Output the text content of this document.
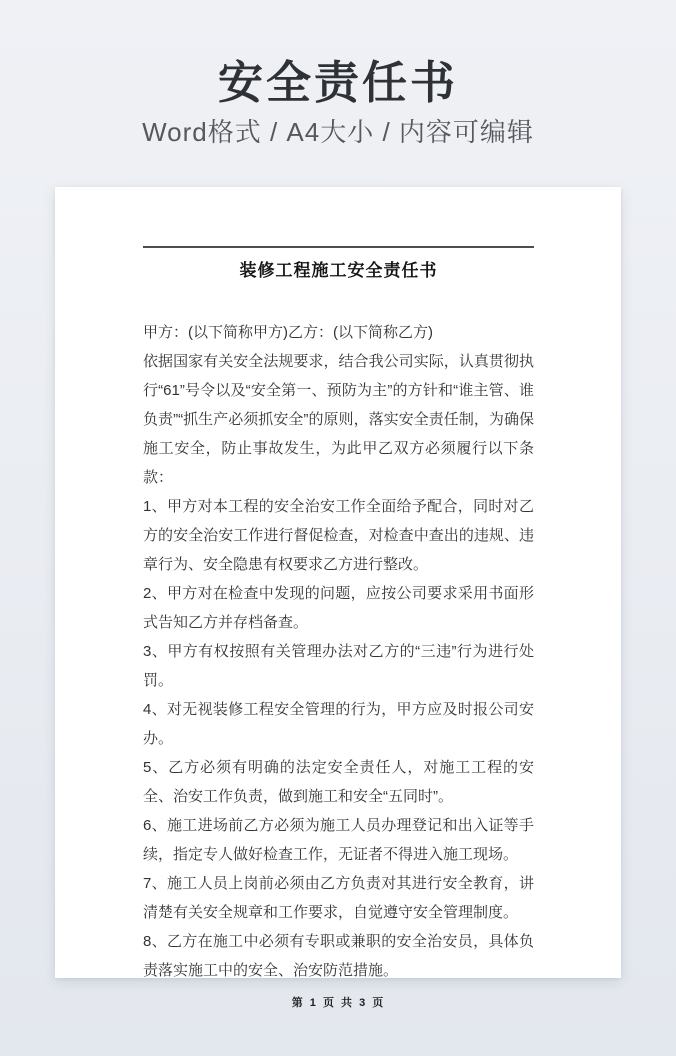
安全责任书

Word格式 / A4大小 / 内容可编辑

装修工程施工安全责任书

甲方：(以下简称甲方)乙方：(以下简称乙方)

依据国家有关安全法规要求，结合我公司实际，认真贯彻执行“61”号令以及“安全第一、预防为主”的方针和“谁主管、谁负责”“抓生产必须抓安全”的原则，落实安全责任制，为确保施工安全，防止事故发生，为此甲乙双方必须履行以下条款：

1、甲方对本工程的安全治安工作全面给予配合，同时对乙方的安全治安工作进行督促检查，对检查中查出的违规、违章行为、安全隐患有权要求乙方进行整改。

2、甲方对在检查中发现的问题，应按公司要求采用书面形式告知乙方并存档备查。

3、甲方有权按照有关管理办法对乙方的“三违”行为进行处罚。

4、对无视装修工程安全管理的行为，甲方应及时报公司安办。

5、乙方必须有明确的法定安全责任人，对施工工程的安全、治安工作负责，做到施工和安全“五同时”。

6、施工进场前乙方必须为施工人员办理登记和出入证等手续，指定专人做好检查工作，无证者不得进入施工现场。

7、施工人员上岗前必须由乙方负责对其进行安全教育，讲清楚有关安全规章和工作要求，自觉遵守安全管理制度。

8、乙方在施工中必须有专职或兼职的安全治安员，具体负责落实施工中的安全、治安防范措施。

第 1 页 共 3 页
